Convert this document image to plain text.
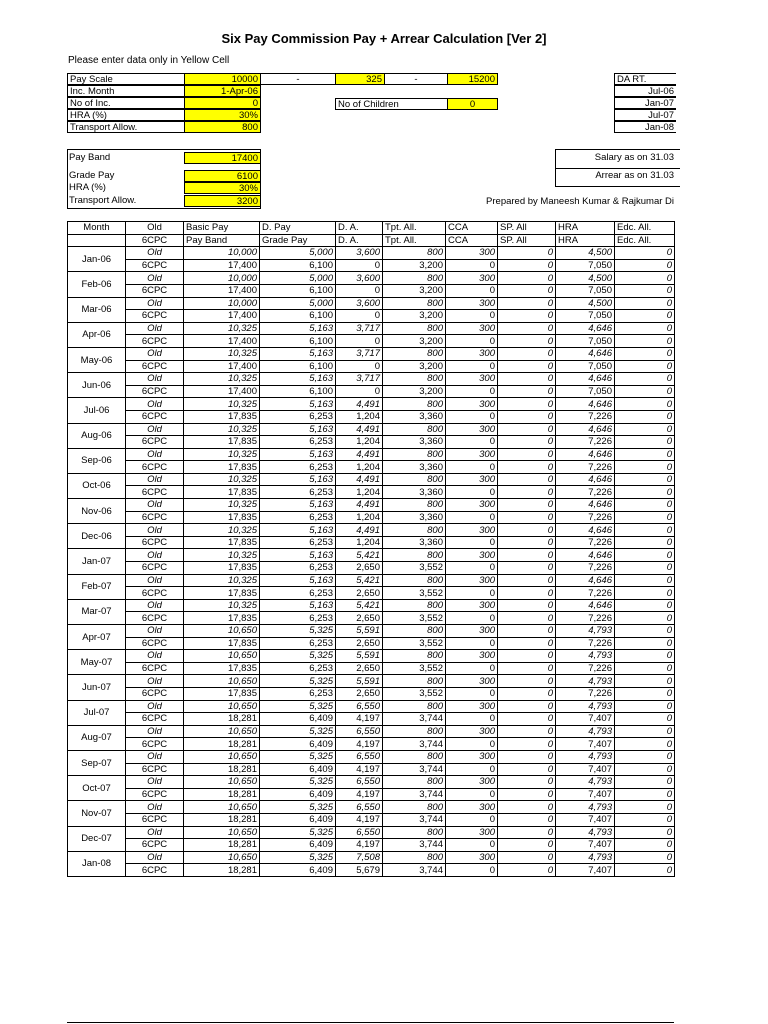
Six Pay Commission Pay + Arrear Calculation [Ver 2]
Please enter data only in Yellow Cell
Pay Scale	10000	-	325	-	15200
Inc. Month	1-Apr-06
No of Inc.	0	No of Children	0
HRA (%)	30%
Transport Allow.	800
DA RT.
Jul-06
Jan-07
Jul-07
Jan-08
Pay Band	17400
Grade Pay	6100
HRA (%)	30%
Transport Allow.	3200
Salary as on 31.03
Arrear as on 31.03
Prepared by Maneesh Kumar & Rajkumar Di
Month	Old	Basic Pay	D. Pay	D. A.	Tpt. All.	CCA	SP. All	HRA	Edc. All.
	6CPC	Pay Band	Grade Pay	D. A.	Tpt. All.	CCA	SP. All	HRA	Edc. All.
Jan-06	Old	10,000	5,000	3,600	800	300	0	4,500	0
	6CPC	17,400	6,100	0	3,200	0	0	7,050	0
Feb-06	Old	10,000	5,000	3,600	800	300	0	4,500	0
	6CPC	17,400	6,100	0	3,200	0	0	7,050	0
Mar-06	Old	10,000	5,000	3,600	800	300	0	4,500	0
	6CPC	17,400	6,100	0	3,200	0	0	7,050	0
Apr-06	Old	10,325	5,163	3,717	800	300	0	4,646	0
	6CPC	17,400	6,100	0	3,200	0	0	7,050	0
May-06	Old	10,325	5,163	3,717	800	300	0	4,646	0
	6CPC	17,400	6,100	0	3,200	0	0	7,050	0
Jun-06	Old	10,325	5,163	3,717	800	300	0	4,646	0
	6CPC	17,400	6,100	0	3,200	0	0	7,050	0
Jul-06	Old	10,325	5,163	4,491	800	300	0	4,646	0
	6CPC	17,835	6,253	1,204	3,360	0	0	7,226	0
Aug-06	Old	10,325	5,163	4,491	800	300	0	4,646	0
	6CPC	17,835	6,253	1,204	3,360	0	0	7,226	0
Sep-06	Old	10,325	5,163	4,491	800	300	0	4,646	0
	6CPC	17,835	6,253	1,204	3,360	0	0	7,226	0
Oct-06	Old	10,325	5,163	4,491	800	300	0	4,646	0
	6CPC	17,835	6,253	1,204	3,360	0	0	7,226	0
Nov-06	Old	10,325	5,163	4,491	800	300	0	4,646	0
	6CPC	17,835	6,253	1,204	3,360	0	0	7,226	0
Dec-06	Old	10,325	5,163	4,491	800	300	0	4,646	0
	6CPC	17,835	6,253	1,204	3,360	0	0	7,226	0
Jan-07	Old	10,325	5,163	5,421	800	300	0	4,646	0
	6CPC	17,835	6,253	2,650	3,552	0	0	7,226	0
Feb-07	Old	10,325	5,163	5,421	800	300	0	4,646	0
	6CPC	17,835	6,253	2,650	3,552	0	0	7,226	0
Mar-07	Old	10,325	5,163	5,421	800	300	0	4,646	0
	6CPC	17,835	6,253	2,650	3,552	0	0	7,226	0
Apr-07	Old	10,650	5,325	5,591	800	300	0	4,793	0
	6CPC	17,835	6,253	2,650	3,552	0	0	7,226	0
May-07	Old	10,650	5,325	5,591	800	300	0	4,793	0
	6CPC	17,835	6,253	2,650	3,552	0	0	7,226	0
Jun-07	Old	10,650	5,325	5,591	800	300	0	4,793	0
	6CPC	17,835	6,253	2,650	3,552	0	0	7,226	0
Jul-07	Old	10,650	5,325	6,550	800	300	0	4,793	0
	6CPC	18,281	6,409	4,197	3,744	0	0	7,407	0
Aug-07	Old	10,650	5,325	6,550	800	300	0	4,793	0
	6CPC	18,281	6,409	4,197	3,744	0	0	7,407	0
Sep-07	Old	10,650	5,325	6,550	800	300	0	4,793	0
	6CPC	18,281	6,409	4,197	3,744	0	0	7,407	0
Oct-07	Old	10,650	5,325	6,550	800	300	0	4,793	0
	6CPC	18,281	6,409	4,197	3,744	0	0	7,407	0
Nov-07	Old	10,650	5,325	6,550	800	300	0	4,793	0
	6CPC	18,281	6,409	4,197	3,744	0	0	7,407	0
Dec-07	Old	10,650	5,325	6,550	800	300	0	4,793	0
	6CPC	18,281	6,409	4,197	3,744	0	0	7,407	0
Jan-08	Old	10,650	5,325	7,508	800	300	0	4,793	0
	6CPC	18,281	6,409	5,679	3,744	0	0	7,407	0
